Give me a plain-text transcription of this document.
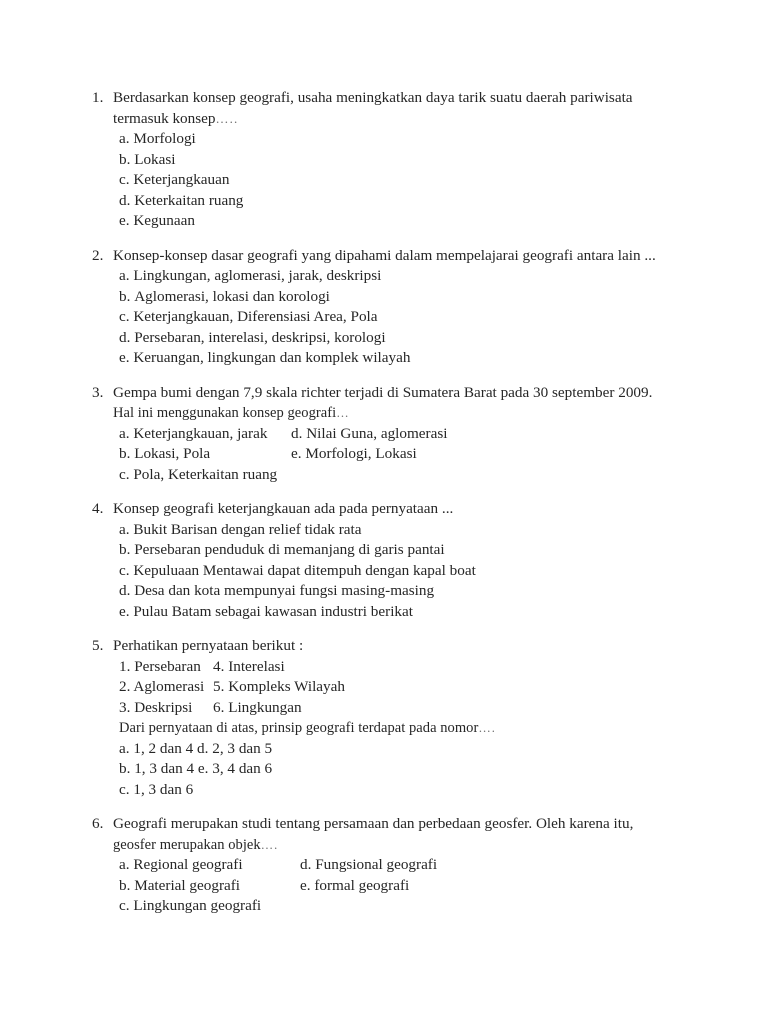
1. Berdasarkan konsep geografi, usaha meningkatkan daya tarik suatu daerah pariwisata
termasuk konsep…..
a.
Morfologi
b.
Lokasi
c.
Keterjangkauan
d.
Keterkaitan ruang
e.
Kegunaan
2. Konsep-konsep dasar geografi yang dipahami dalam mempelajarai geografi antara lain ...
a.
Lingkungan, aglomerasi, jarak, deskripsi
b.
Aglomerasi, lokasi dan korologi
c.
Keterjangkauan, Diferensiasi Area, Pola
d.
Persebaran, interelasi, deskripsi, korologi
e.
Keruangan, lingkungan dan komplek wilayah
3. Gempa bumi dengan 7,9 skala richter terjadi di Sumatera Barat pada 30 september 2009.
Hal ini menggunakan konsep geografi…
a. Keterjangkauan, jarak	d. Nilai Guna, aglomerasi
b. Lokasi, Pola	e. Morfologi, Lokasi
c. Pola, Keterkaitan ruang
4. Konsep geografi keterjangkauan ada pada pernyataan ...
a.
Bukit Barisan dengan relief tidak rata
b.
Persebaran penduduk di memanjang di garis pantai
c.
Kepuluaan Mentawai dapat ditempuh dengan kapal boat
d.
Desa dan kota mempunyai fungsi masing-masing
e.
Pulau Batam sebagai kawasan industri berikat
5. Perhatikan pernyataan berikut :
1. Persebaran 4. Interelasi
2. Aglomerasi 5. Kompleks Wilayah
3. Deskripsi	6. Lingkungan
Dari pernyataan di atas, prinsip geografi terdapat pada nomor….
a. 1, 2 dan 4
d. 2, 3 dan 5
b. 1, 3 dan 4
e. 3, 4 dan 6
c. 1, 3 dan 6
6. Geografi merupakan studi tentang persamaan dan perbedaan geosfer. Oleh karena itu,
geosfer merupakan objek….
a. Regional geografi	d. Fungsional geografi
b. Material geografi	e. formal geografi
c. Lingkungan geografi
